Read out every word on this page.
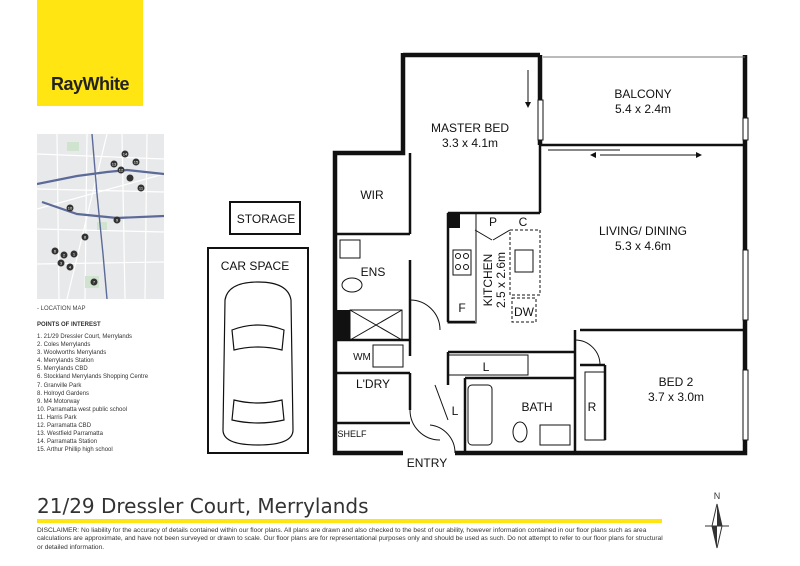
RayWhite
14
13
12
15
11
10
9
8
6
2 1
3
4
7
- LOCATION MAP
POINTS OF INTEREST
1. 21/29 Dressler Court, Merrylands
2. Coles Merrylands
3. Woolworths Merrylands
4. Merrylands Station
5. Merrylands CBD
6. Stockland Merrylands Shopping Centre
7. Granville Park
8. Holroyd Gardens
9. M4 Motorway
10. Parramatta west public school
11. Harris Park
12. Parramatta CBD
13. Westfield Parramatta
14. Parramatta Station
15. Arthur Phillip high school
BALCONY
5.4 x 2.4m
MASTER BED
3.3 x 4.1m
WIR
LIVING/ DINING
5.3 x 4.6m
ENS
P C
F	DW
WM
L'DRY
SHELF
L
L	BATH	R
BED 2
3.7 x 3.0m
ENTRY
STORAGE
CAR SPACE	KITCHEN 2.5 x 2.6m
21/29 Dressler Court, Merrylands
DISCLAIMER: No liability for the accuracy of details contained within our floor plans. All plans are drawn and also checked to the best of our ability, however information contained in our floor plans such as area calculations are approximate, and have not been surveyed or drawn to scale. Our floor plans are for representational purposes only and should be used as such. Do not attempt to refer to our floor plans for structural or detailed information.
N
